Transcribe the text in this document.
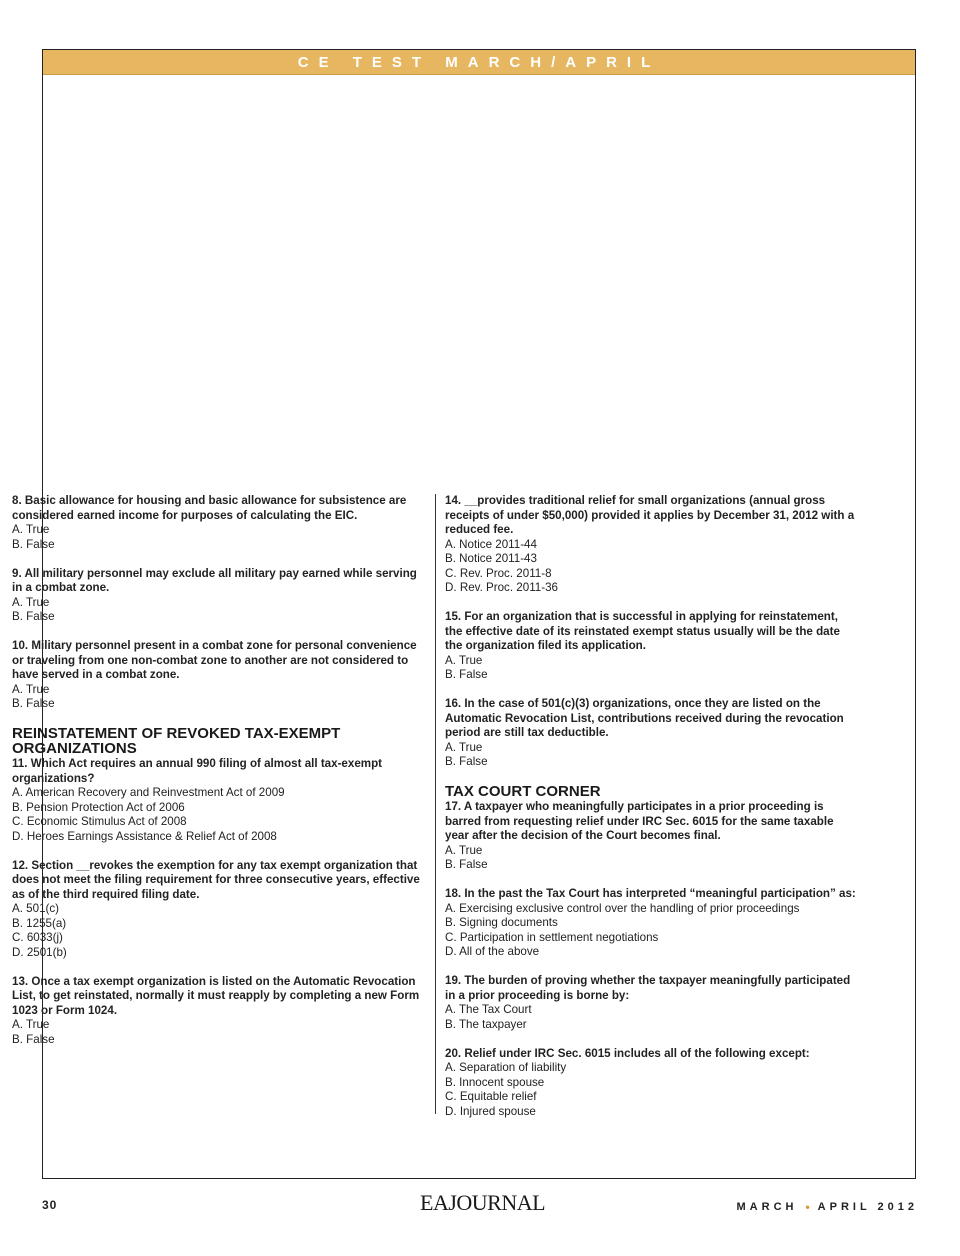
CE TEST MARCH/APRIL

8. Basic allowance for housing and basic allowance for subsistence are considered earned income for purposes of calculating the EIC.

A. True

B. False

9. All military personnel may exclude all military pay earned while serving in a combat zone.

A. True

B. False

10. Military personnel present in a combat zone for personal convenience or traveling from one non-combat zone to another are not considered to have served in a combat zone.

A. True

B. False

REINSTATEMENT OF REVOKED TAX-EXEMPT ORGANIZATIONS

11. Which Act requires an annual 990 filing of almost all tax-exempt organizations?

A. American Recovery and Reinvestment Act of 2009

B. Pension Protection Act of 2006

C. Economic Stimulus Act of 2008

D. Heroes Earnings Assistance & Relief Act of 2008

12. Section __revokes the exemption for any tax exempt organization that does not meet the filing requirement for three consecutive years, effective as of the third required filing date.

A. 501(c)

B. 1255(a)

C. 6033(j)

D. 2501(b)

13. Once a tax exempt organization is listed on the Automatic Revocation List, to get reinstated, normally it must reapply by completing a new Form 1023 or Form 1024.

A. True

B. False

14. __provides traditional relief for small organizations (annual gross receipts of under $50,000) provided it applies by December 31, 2012 with a reduced fee.

A. Notice 2011-44

B. Notice 2011-43

C. Rev. Proc. 2011-8

D. Rev. Proc. 2011-36

15. For an organization that is successful in applying for reinstatement, the effective date of its reinstated exempt status usually will be the date the organization filed its application.

A. True

B. False

16. In the case of 501(c)(3) organizations, once they are listed on the Automatic Revocation List, contributions received during the revocation period are still tax deductible.

A. True

B. False

TAX COURT CORNER

17. A taxpayer who meaningfully participates in a prior proceeding is barred from requesting relief under IRC Sec. 6015 for the same taxable year after the decision of the Court becomes final.

A. True

B. False

18. In the past the Tax Court has interpreted “meaningful participation” as:

A. Exercising exclusive control over the handling of prior proceedings

B. Signing documents

C. Participation in settlement negotiations

D. All of the above

19. The burden of proving whether the taxpayer meaningfully participated in a prior proceeding is borne by:

A. The Tax Court

B. The taxpayer

20. Relief under IRC Sec. 6015 includes all of the following except:

A. Separation of liability

B. Innocent spouse

C. Equitable relief

D. Injured spouse

30	EAJOURNAL	MARCH • APRIL 2012
